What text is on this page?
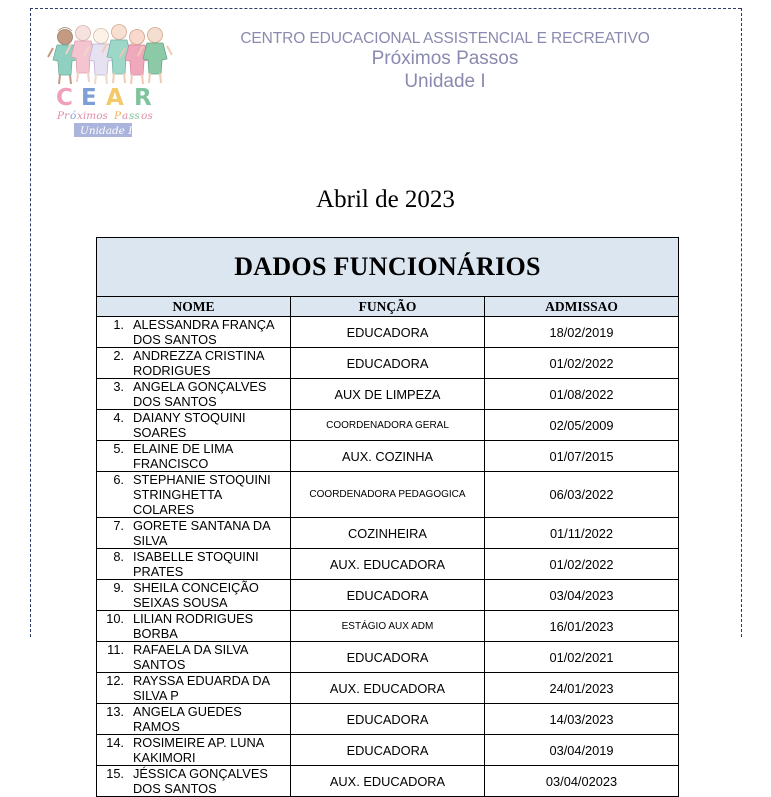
C E A R
Pr ó ximos P a ss os
Unidade I
CENTRO EDUCACIONAL ASSISTENCIAL E RECREATIVO
Próximos Passos
Unidade I
Abril de 2023
DADOS FUNCIONÁRIOS		
NOME	FUNÇÃO	ADMISSAO

1. ALESSANDRA FRANÇA DOS SANTOS	EDUCADORA	18/02/2019

2. ANDREZZA CRISTINA RODRIGUES	EDUCADORA	01/02/2022

3. ANGELA GONÇALVES DOS SANTOS	AUX DE LIMPEZA	01/08/2022

4. DAIANY STOQUINI SOARES	COORDENADORA GERAL	02/05/2009

5. ELAINE DE LIMA FRANCISCO	AUX. COZINHA	01/07/2015

6. STEPHANIE STOQUINI STRINGHETTA COLARES	COORDENADORA PEDAGOGICA	06/03/2022

7. GORETE SANTANA DA SILVA	COZINHEIRA	01/11/2022

8. ISABELLE STOQUINI PRATES	AUX. EDUCADORA	01/02/2022

9. SHEILA CONCEIÇÃO SEIXAS SOUSA	EDUCADORA	03/04/2023

10. LILIAN RODRIGUES BORBA	ESTÁGIO AUX ADM	16/01/2023

11. RAFAELA DA SILVA SANTOS	EDUCADORA	01/02/2021

12. RAYSSA EDUARDA DA SILVA P	AUX. EDUCADORA	24/01/2023

13. ANGELA GUEDES RAMOS	EDUCADORA	14/03/2023

14. ROSIMEIRE AP. LUNA KAKIMORI	EDUCADORA	03/04/2019

15. JÉSSICA GONÇALVES DOS SANTOS	AUX. EDUCADORA	03/04/02023
